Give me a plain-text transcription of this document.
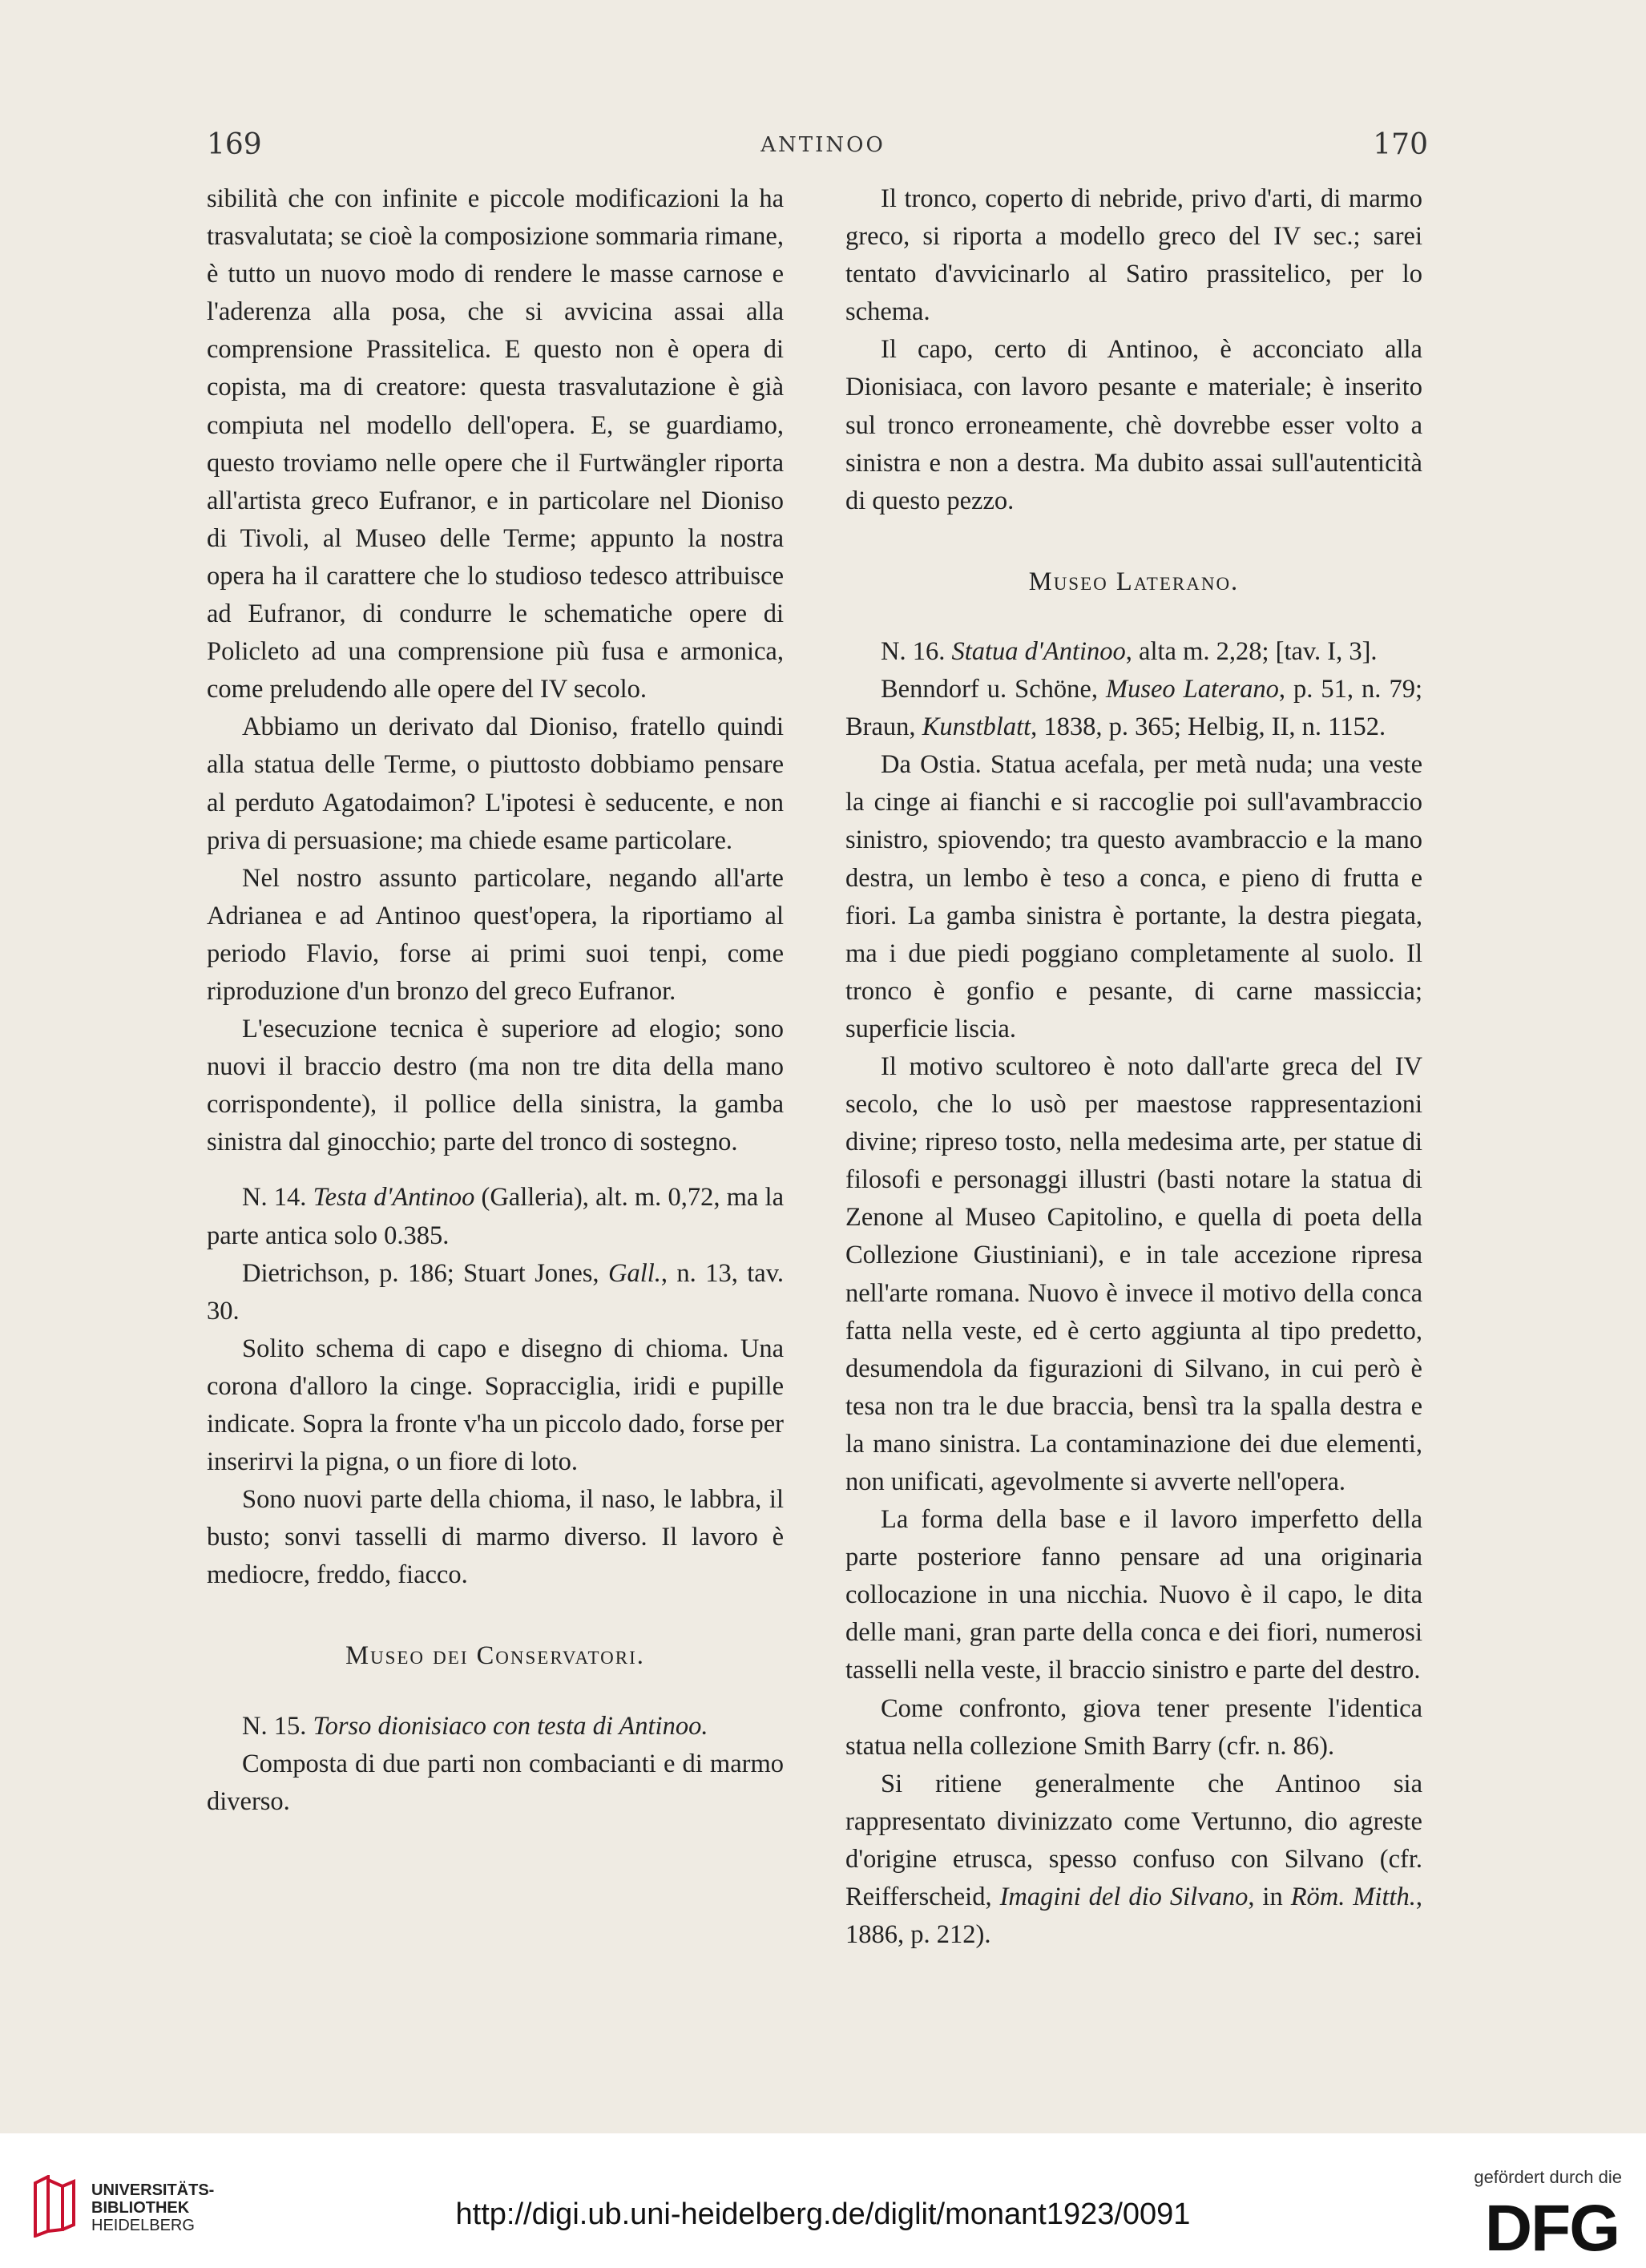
169	ANTINOO	170

sibilità che con infinite e piccole modificazioni la ha trasvalutata; se cioè la composizione sommaria rimane, è tutto un nuovo modo di rendere le masse carnose e l'aderenza alla posa, che si avvicina assai alla comprensione Prassitelica. E questo non è opera di copista, ma di creatore: questa trasvalutazione è già compiuta nel modello dell'opera. E, se guardiamo, questo troviamo nelle opere che il Furtwängler riporta all'artista greco Eufranor, e in particolare nel Dioniso di Tivoli, al Museo delle Terme; appunto la nostra opera ha il carattere che lo studioso tedesco attribuisce ad Eufranor, di condurre le schematiche opere di Policleto ad una comprensione più fusa e armonica, come preludendo alle opere del IV secolo.

Abbiamo un derivato dal Dioniso, fratello quindi alla statua delle Terme, o piuttosto dobbiamo pensare al perduto Agatodaimon? L'ipotesi è seducente, e non priva di persuasione; ma chiede esame particolare.

Nel nostro assunto particolare, negando all'arte Adrianea e ad Antinoo quest'opera, la riportiamo al periodo Flavio, forse ai primi suoi tenpi, come riproduzione d'un bronzo del greco Eufranor.

L'esecuzione tecnica è superiore ad elogio; sono nuovi il braccio destro (ma non tre dita della mano corrispondente), il pollice della sinistra, la gamba sinistra dal ginocchio; parte del tronco di sostegno.

N. 14. Testa d'Antinoo (Galleria), alt. m. 0,72, ma la parte antica solo 0.385.

Dietrichson, p. 186; Stuart Jones, Gall., n. 13, tav. 30.

Solito schema di capo e disegno di chioma. Una corona d'alloro la cinge. Sopracciglia, iridi e pupille indicate. Sopra la fronte v'ha un piccolo dado, forse per inserirvi la pigna, o un fiore di loto.

Sono nuovi parte della chioma, il naso, le labbra, il busto; sonvi tasselli di marmo diverso. Il lavoro è mediocre, freddo, fiacco.

Museo dei Conservatori.

N. 15. Torso dionisiaco con testa di Antinoo.

Composta di due parti non combacianti e di marmo diverso.

Il tronco, coperto di nebride, privo d'arti, di marmo greco, si riporta a modello greco del IV sec.; sarei tentato d'avvicinarlo al Satiro prassitelico, per lo schema.

Il capo, certo di Antinoo, è acconciato alla Dionisiaca, con lavoro pesante e materiale; è inserito sul tronco erroneamente, chè dovrebbe esser volto a sinistra e non a destra. Ma dubito assai sull'autenticità di questo pezzo.

Museo Laterano.

N. 16. Statua d'Antinoo, alta m. 2,28; [tav. I, 3].

Benndorf u. Schöne, Museo Laterano, p. 51, n. 79; Braun, Kunstblatt, 1838, p. 365; Helbig, II, n. 1152.

Da Ostia. Statua acefala, per metà nuda; una veste la cinge ai fianchi e si raccoglie poi sull'avambraccio sinistro, spiovendo; tra questo avambraccio e la mano destra, un lembo è teso a conca, e pieno di frutta e fiori. La gamba sinistra è portante, la destra piegata, ma i due piedi poggiano completamente al suolo. Il tronco è gonfio e pesante, di carne massiccia; superficie liscia.

Il motivo scultoreo è noto dall'arte greca del IV secolo, che lo usò per maestose rappresentazioni divine; ripreso tosto, nella medesima arte, per statue di filosofi e personaggi illustri (basti notare la statua di Zenone al Museo Capitolino, e quella di poeta della Collezione Giustiniani), e in tale accezione ripresa nell'arte romana. Nuovo è invece il motivo della conca fatta nella veste, ed è certo aggiunta al tipo predetto, desumendola da figurazioni di Silvano, in cui però è tesa non tra le due braccia, bensì tra la spalla destra e la mano sinistra. La contaminazione dei due elementi, non unificati, agevolmente si avverte nell'opera.

La forma della base e il lavoro imperfetto della parte posteriore fanno pensare ad una originaria collocazione in una nicchia. Nuovo è il capo, le dita delle mani, gran parte della conca e dei fiori, numerosi tasselli nella veste, il braccio sinistro e parte del destro.

Come confronto, giova tener presente l'identica statua nella collezione Smith Barry (cfr. n. 86).

Si ritiene generalmente che Antinoo sia rappresentato divinizzato come Vertunno, dio agreste d'origine etrusca, spesso confuso con Silvano (cfr. Reifferscheid, Imagini del dio Silvano, in Röm. Mitth., 1886, p. 212).

UNIVERSITÄTS-
BIBLIOTHEK
HEIDELBERG	http://digi.ub.uni-heidelberg.de/diglit/monant1923/0091
gefördert durch die
DFG
